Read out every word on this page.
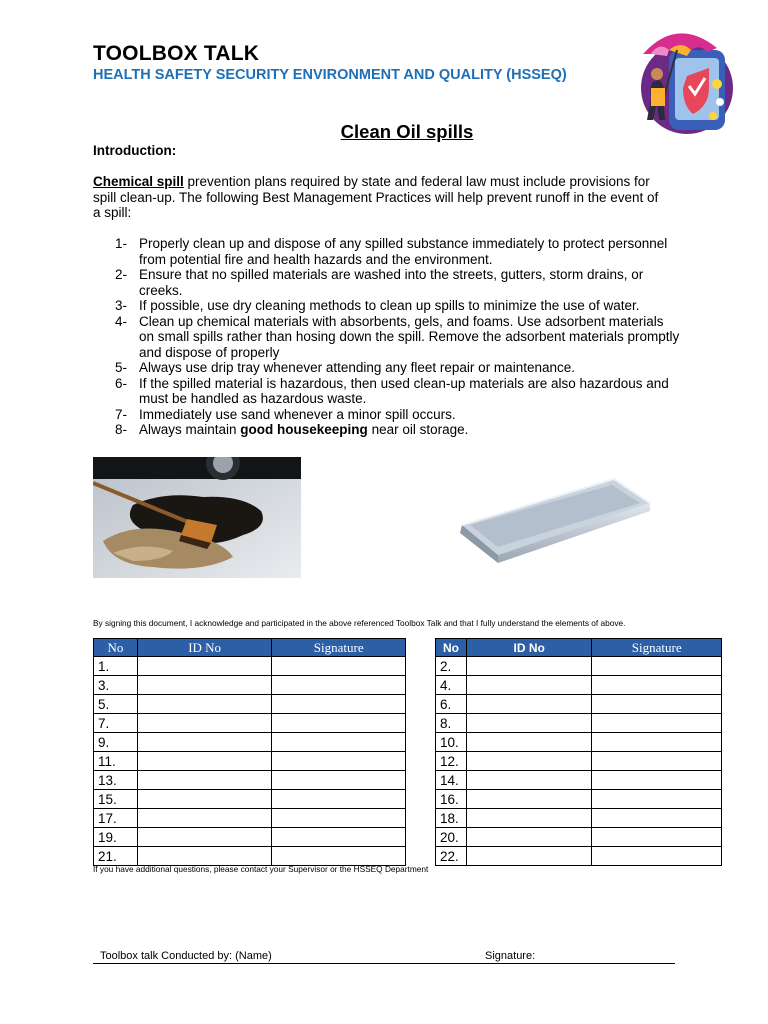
TOOLBOX TALK
HEALTH SAFETY SECURITY ENVIRONMENT AND QUALITY (HSSEQ)
Clean Oil spills
Introduction:
Chemical spill prevention plans required by state and federal law must include provisions for spill clean-up. The following Best Management Practices will help prevent runoff in the event of a spill:
1- Properly clean up and dispose of any spilled substance immediately to protect personnel from potential fire and health hazards and the environment.
2- Ensure that no spilled materials are washed into the streets, gutters, storm drains, or creeks.
3- If possible, use dry cleaning methods to clean up spills to minimize the use of water.
4- Clean up chemical materials with absorbents, gels, and foams. Use adsorbent materials on small spills rather than hosing down the spill. Remove the adsorbent materials promptly and dispose of properly
5- Always use drip tray whenever attending any fleet repair or maintenance.
6- If the spilled material is hazardous, then used clean-up materials are also hazardous and must be handled as hazardous waste.
7- Immediately use sand whenever a minor spill occurs.
8- Always maintain good housekeeping near oil storage.
By signing this document, I acknowledge and participated in the above referenced Toolbox Talk and that I fully understand the elements of above.
No	ID No	Signature
1.		
3.		
5.		
7.		
9.		
11.		
13.		
15.		
17.		
19.		
21.		
No	ID No	Signature
2.		
4.		
6.		
8.		
10.		
12.		
14.		
16.		
18.		
20.		
22.		
If you have additional questions, please contact your Supervisor or the HSSEQ Department
Toolbox talk Conducted by: (Name)	Signature:
